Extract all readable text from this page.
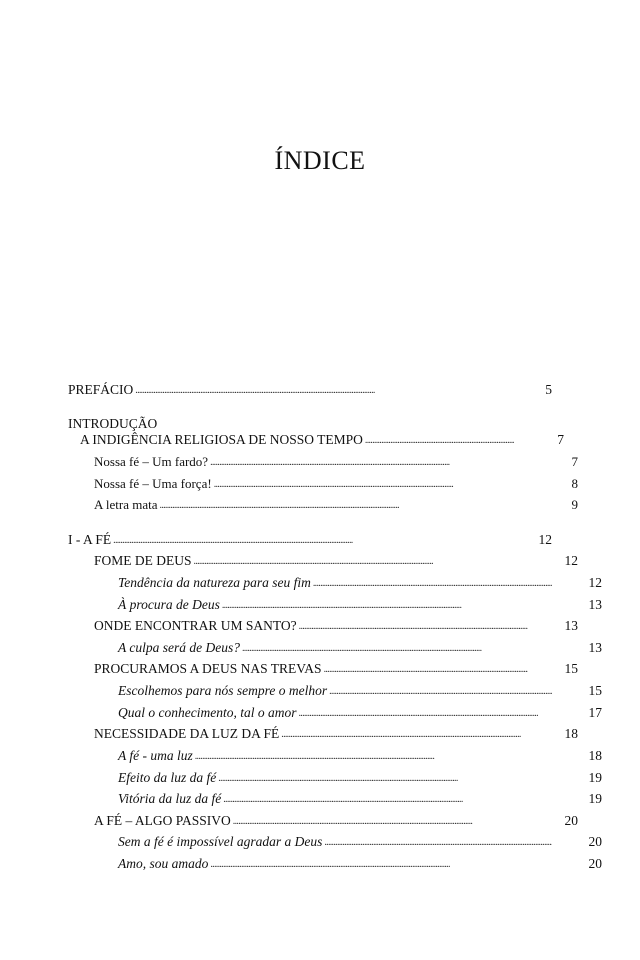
ÍNDICE
PREFÁCIO . . .	5
INTRODUÇÃO
A INDIGÊNCIA RELIGIOSA DE NOSSO TEMPO . . .	7
Nossa fé – Um fardo? . . .	7
Nossa fé – Uma força! . . .	8
A letra mata . . .	9
I - A FÉ . . .	12
FOME DE DEUS . . .	12
Tendência da natureza para seu fim . . .	12
À procura de Deus . . .	13
ONDE ENCONTRAR UM SANTO? . . .	13
A culpa será de Deus? . . .	13
PROCURAMOS A DEUS NAS TREVAS . . .	15
Escolhemos para nós sempre o melhor . . .	15
Qual o conhecimento, tal o amor . . .	17
NECESSIDADE DA LUZ DA FÉ . . .	18
A fé - uma luz . . .	18
Efeito da luz da fé . . .	19
Vitória da luz da fé . . .	19
A FÉ – ALGO PASSIVO . . .	20
Sem a fé é impossível agradar a Deus . . .	20
Amo, sou amado . . .	20
